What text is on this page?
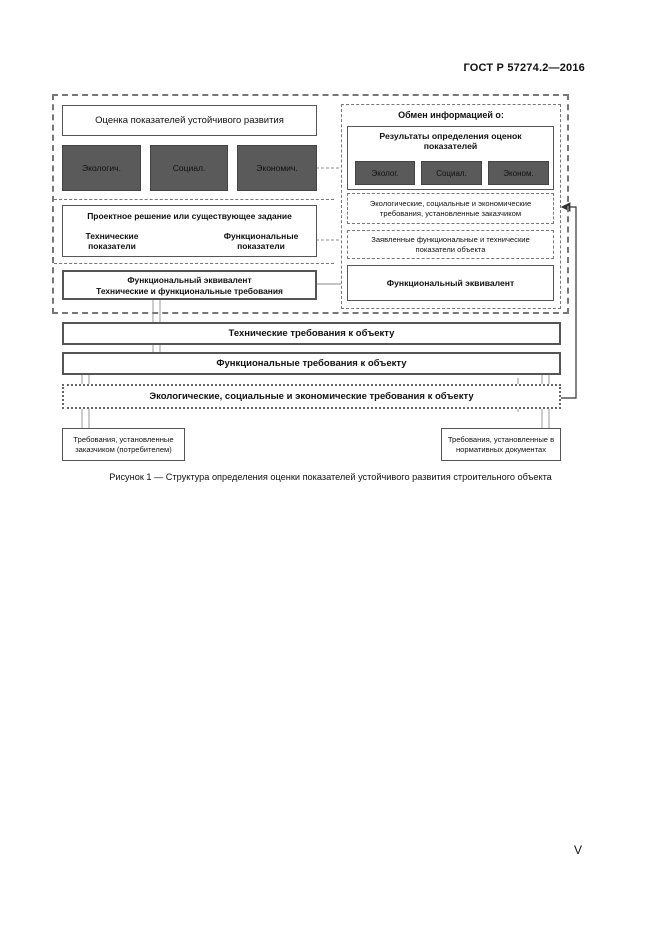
ГОСТ Р 57274.2—2016
Оценка показателей устойчивого развития
Экологич.	Социал.	Экономич.
Проектное решение или существующее задание
Технические показатели
Функциональные показатели
Функциональный эквивалент
Технические и функциональные требования
Обмен информацией о:
Результаты определения оценок показателей
Эколог.	Социал.	Эконом.
Экологические, социальные и экономические требования, установленные заказчиком
Заявленные функциональные и технические показатели объекта
Функциональный эквивалент
Технические требования к объекту
Функциональные требования к объекту
Экологические, социальные и экономические требования к объекту
Требования, установленные заказчиком (потребителем)
Требования, установленные в нормативных документах
Рисунок 1 — Структура определения оценки показателей устойчивого развития строительного объекта
V
